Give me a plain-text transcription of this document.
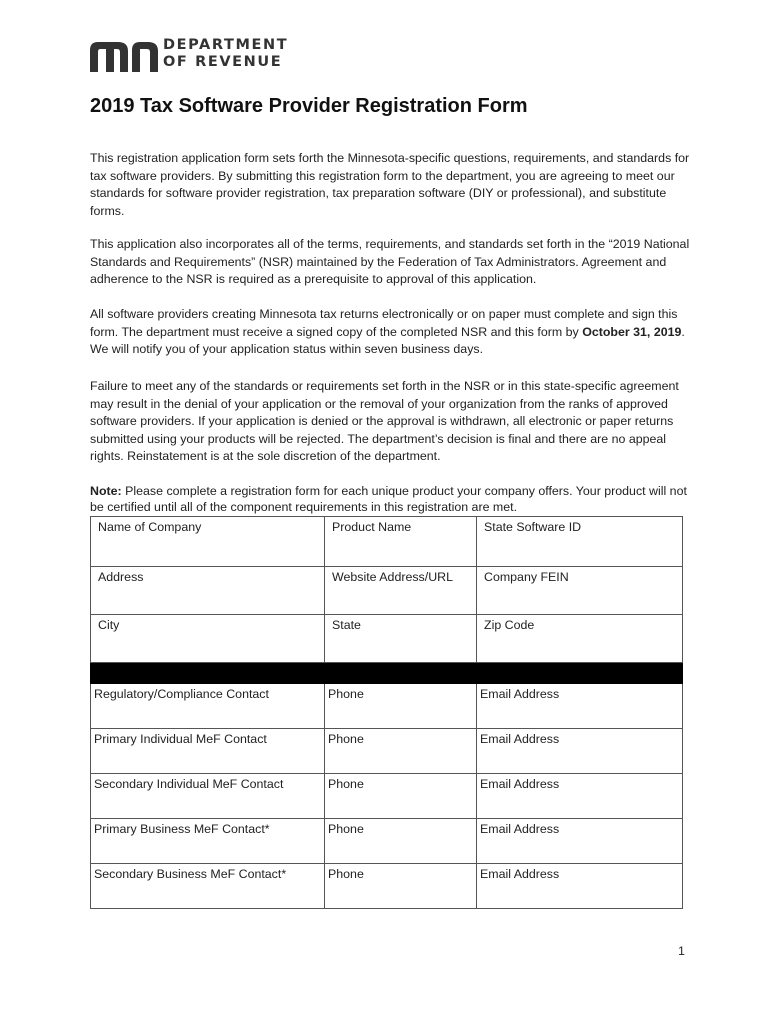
DEPARTMENT
OF REVENUE
2019 Tax Software Provider Registration Form

This registration application form sets forth the Minnesota-specific questions, requirements, and standards for tax software providers. By submitting this registration form to the department, you are agreeing to meet our standards for software provider registration, tax preparation software (DIY or professional), and substitute forms.

This application also incorporates all of the terms, requirements, and standards set forth in the “2019 National Standards and Requirements” (NSR) maintained by the Federation of Tax Administrators. Agreement and adherence to the NSR is required as a prerequisite to approval of this application.

All software providers creating Minnesota tax returns electronically or on paper must complete and sign this form. The department must receive a signed copy of the completed NSR and this form by October 31, 2019. We will notify you of your application status within seven business days.

Failure to meet any of the standards or requirements set forth in the NSR or in this state-specific agreement may result in the denial of your application or the removal of your organization from the ranks of approved software providers. If your application is denied or the approval is withdrawn, all electronic or paper returns submitted using your products will be rejected. The department’s decision is final and there are no appeal rights. Reinstatement is at the sole discretion of the department.

Note: Please complete a registration form for each unique product your company offers. Your product will not be certified until all of the component requirements in this registration are met.

Name of Company	Product Name	State Software ID
Address	Website Address/URL	Company FEIN
City	State	Zip Code

Regulatory/Compliance Contact	Phone	Email Address
Primary Individual MeF Contact	Phone	Email Address
Secondary Individual MeF Contact	Phone	Email Address
Primary Business MeF Contact*	Phone	Email Address
Secondary Business MeF Contact*	Phone	Email Address
1
